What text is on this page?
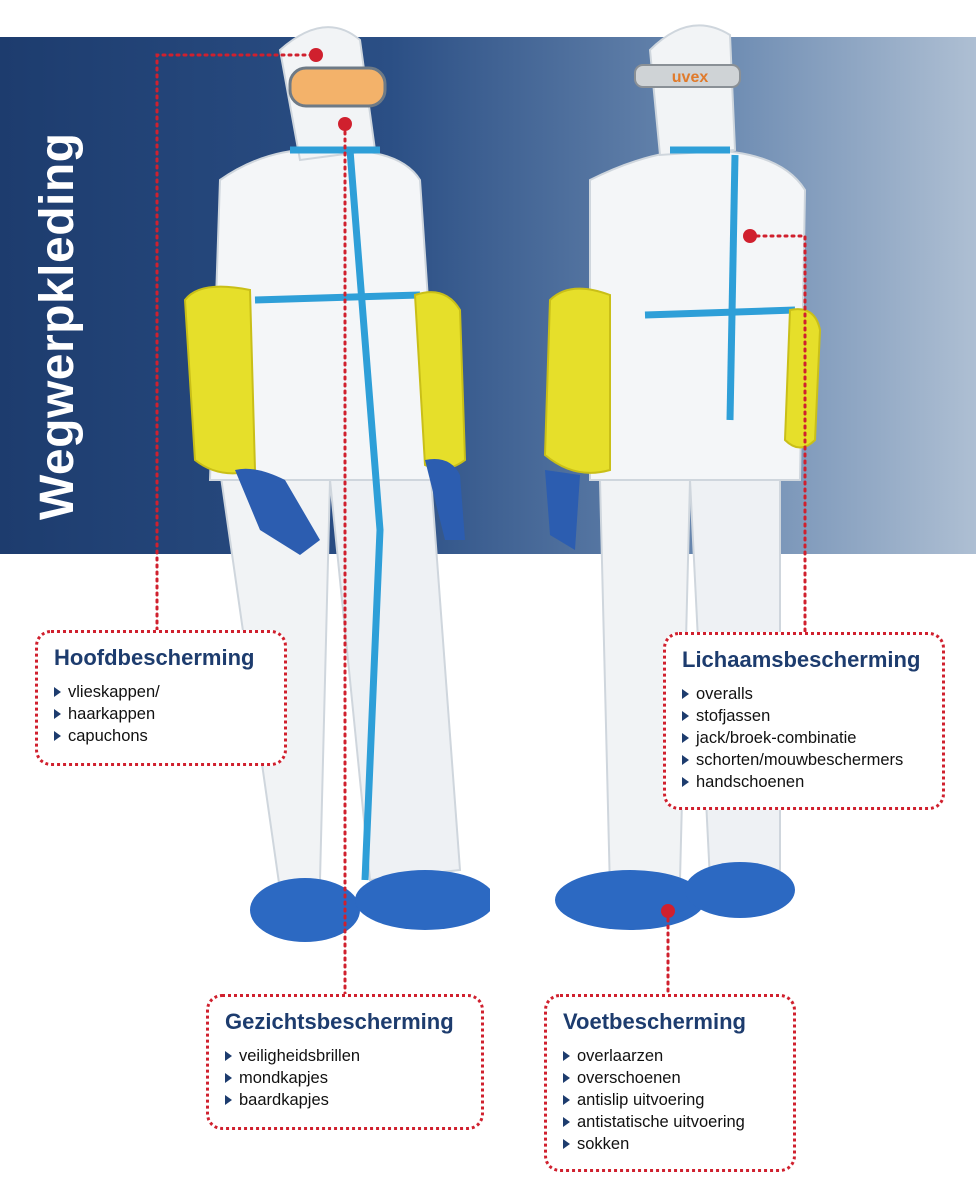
Wegwerpkleding
uvex
Hoofdbescherming
vlieskappen/
haarkappen
capuchons
Lichaamsbescherming
overalls
stofjassen
jack/broek-combinatie
schorten/mouwbeschermers
handschoenen
Gezichtsbescherming
veiligheidsbrillen
mondkapjes
baardkapjes
Voetbescherming
overlaarzen
overschoenen
antislip uitvoering
antistatische uitvoering
sokken
